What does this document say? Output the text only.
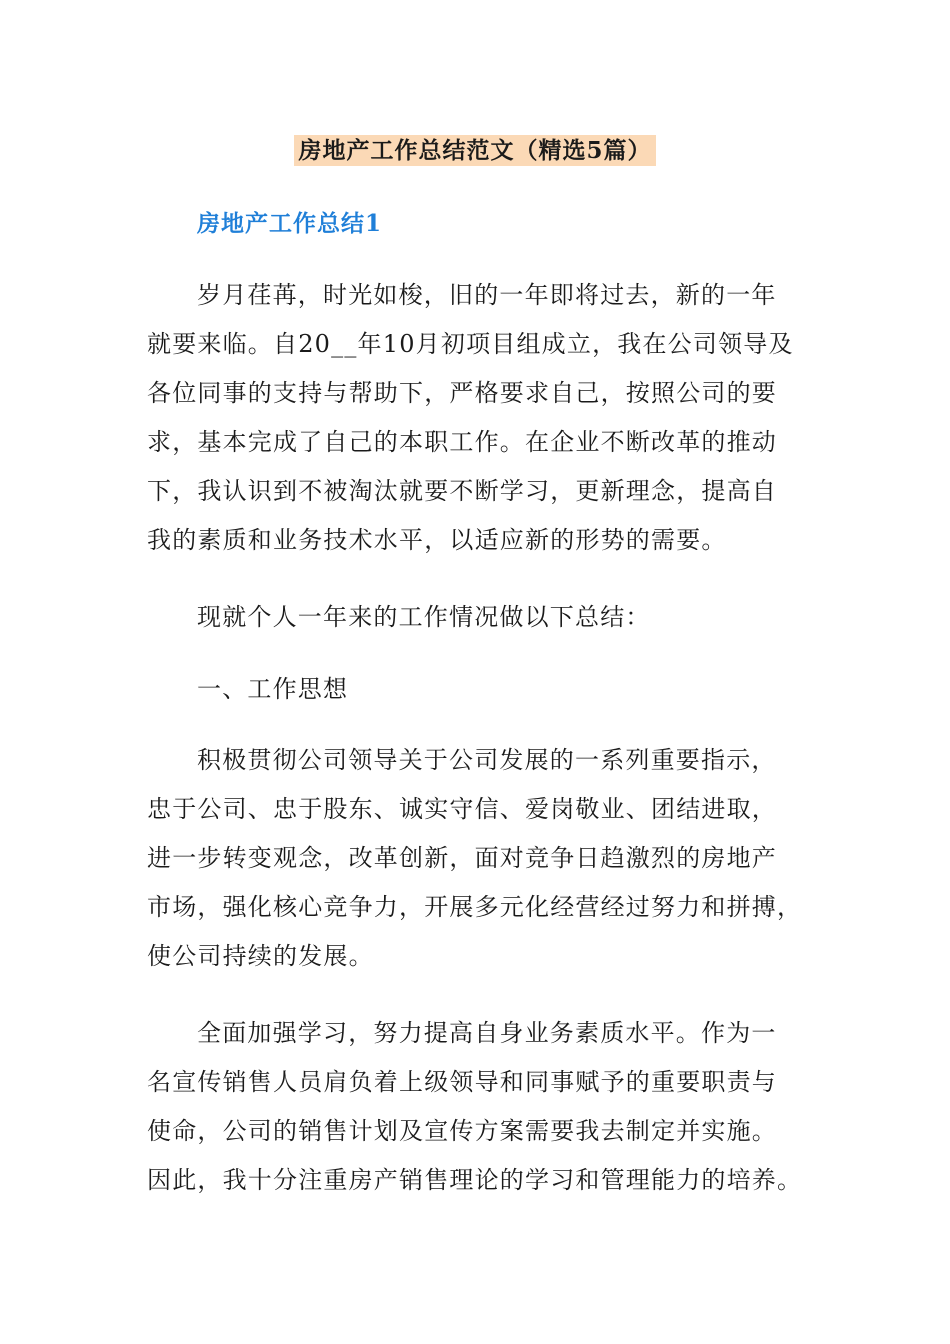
房地产工作总结范文（精选5篇）
房地产工作总结1
岁月荏苒，时光如梭，旧的一年即将过去，新的一年
就要来临。自20__年10月初项目组成立，我在公司领导及
各位同事的支持与帮助下，严格要求自己，按照公司的要
求，基本完成了自己的本职工作。在企业不断改革的推动
下，我认识到不被淘汰就要不断学习，更新理念，提高自
我的素质和业务技术水平，以适应新的形势的需要。
现就个人一年来的工作情况做以下总结：
一、工作思想
积极贯彻公司领导关于公司发展的一系列重要指示，
忠于公司、忠于股东、诚实守信、爱岗敬业、团结进取，
进一步转变观念，改革创新，面对竞争日趋激烈的房地产
市场，强化核心竞争力，开展多元化经营经过努力和拼搏，
使公司持续的发展。
全面加强学习，努力提高自身业务素质水平。作为一
名宣传销售人员肩负着上级领导和同事赋予的重要职责与
使命，公司的销售计划及宣传方案需要我去制定并实施。
因此，我十分注重房产销售理论的学习和管理能力的培养。
